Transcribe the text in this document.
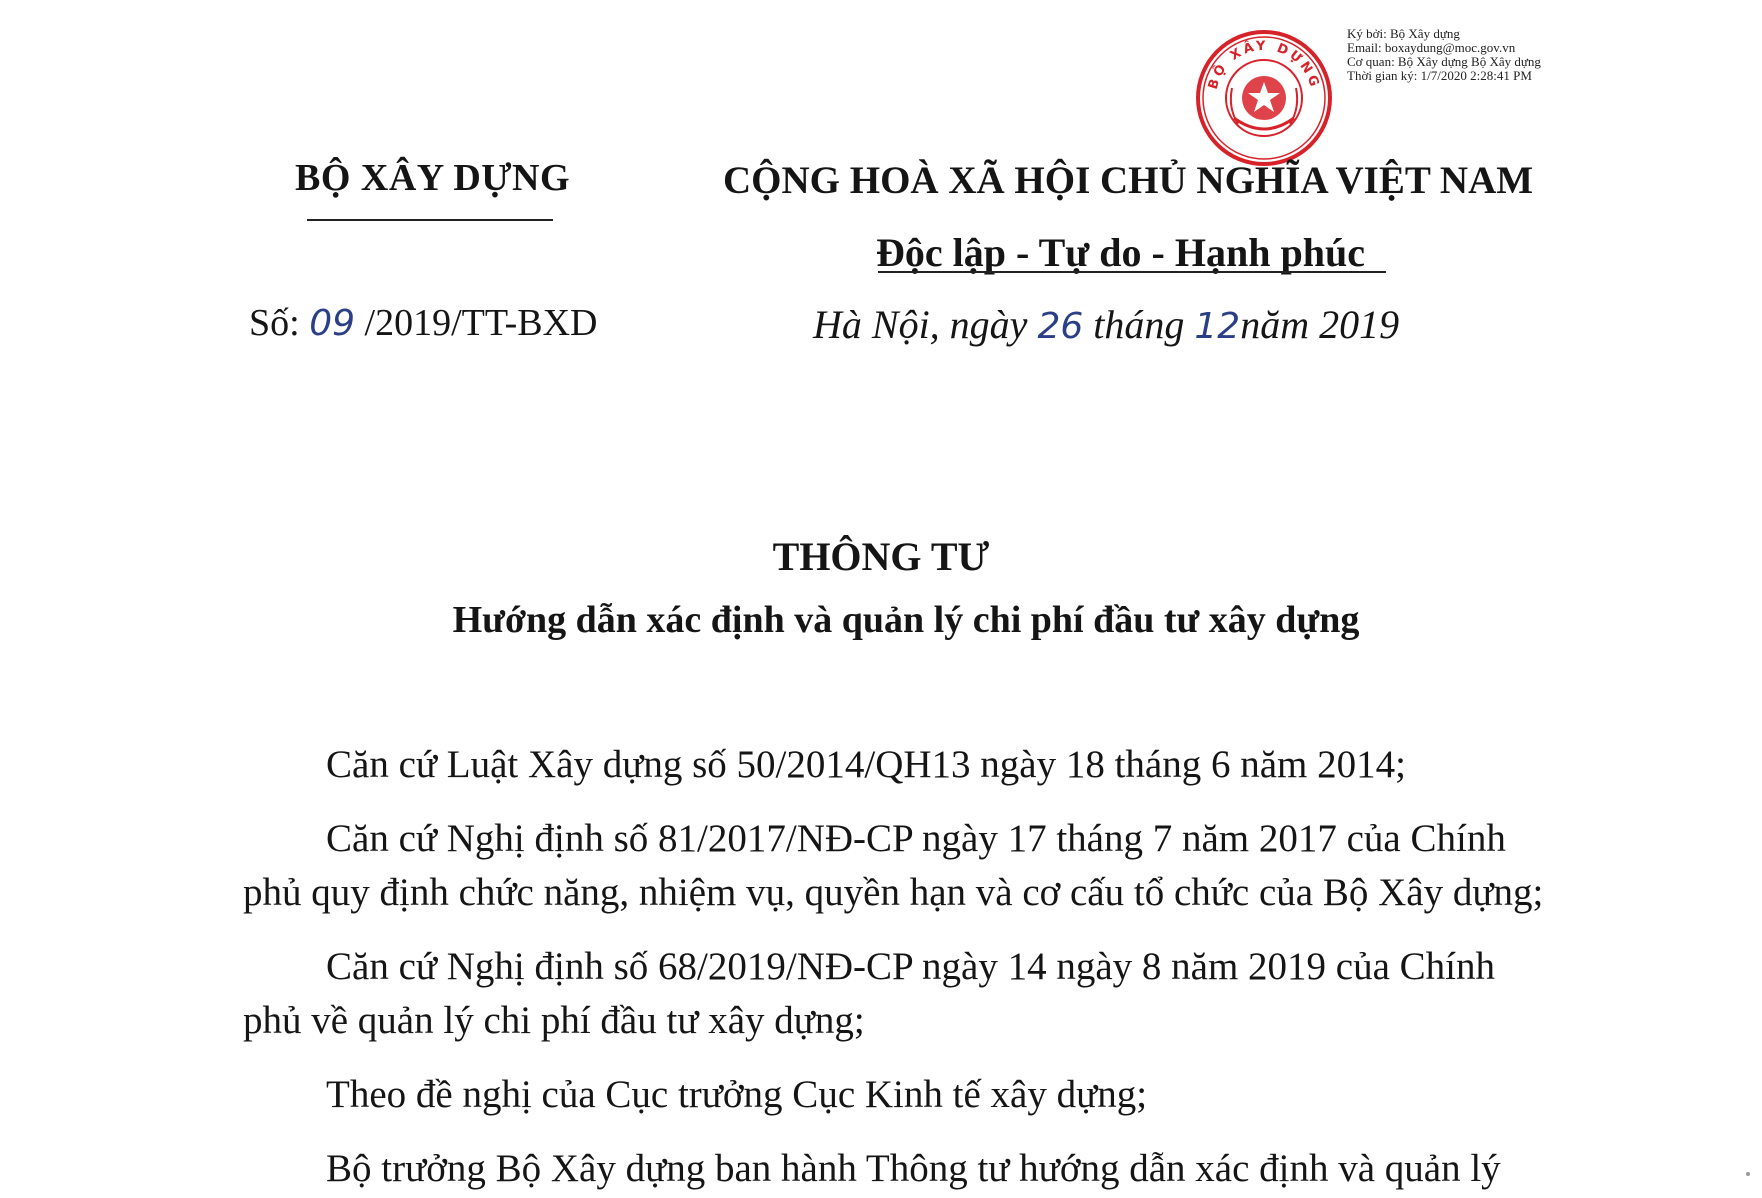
BỘ XÂY DỰNG
Ký bởi: Bộ Xây dựng
Email: boxaydung@moc.gov.vn
Cơ quan: Bộ Xây dựng Bộ Xây dựng
Thời gian ký: 1/7/2020 2:28:41 PM
BỘ XÂY DỰNG	CỘNG HOÀ XÃ HỘI CHỦ NGHĨA VIỆT NAM
Độc lập - Tự do - Hạnh phúc
Số: 09 /2019/TT-BXD	Hà Nội, ngày 26 tháng 12năm 2019
THÔNG TƯ
Hướng dẫn xác định và quản lý chi phí đầu tư xây dựng
Căn cứ Luật Xây dựng số 50/2014/QH13 ngày 18 tháng 6 năm 2014;
Căn cứ Nghị định số 81/2017/NĐ-CP ngày 17 tháng 7 năm 2017 của Chính
phủ quy định chức năng, nhiệm vụ, quyền hạn và cơ cấu tổ chức của Bộ Xây dựng;
Căn cứ Nghị định số 68/2019/NĐ-CP ngày 14 ngày 8 năm 2019 của Chính
phủ về quản lý chi phí đầu tư xây dựng;
Theo đề nghị của Cục trưởng Cục Kinh tế xây dựng;
Bộ trưởng Bộ Xây dựng ban hành Thông tư hướng dẫn xác định và quản lý
